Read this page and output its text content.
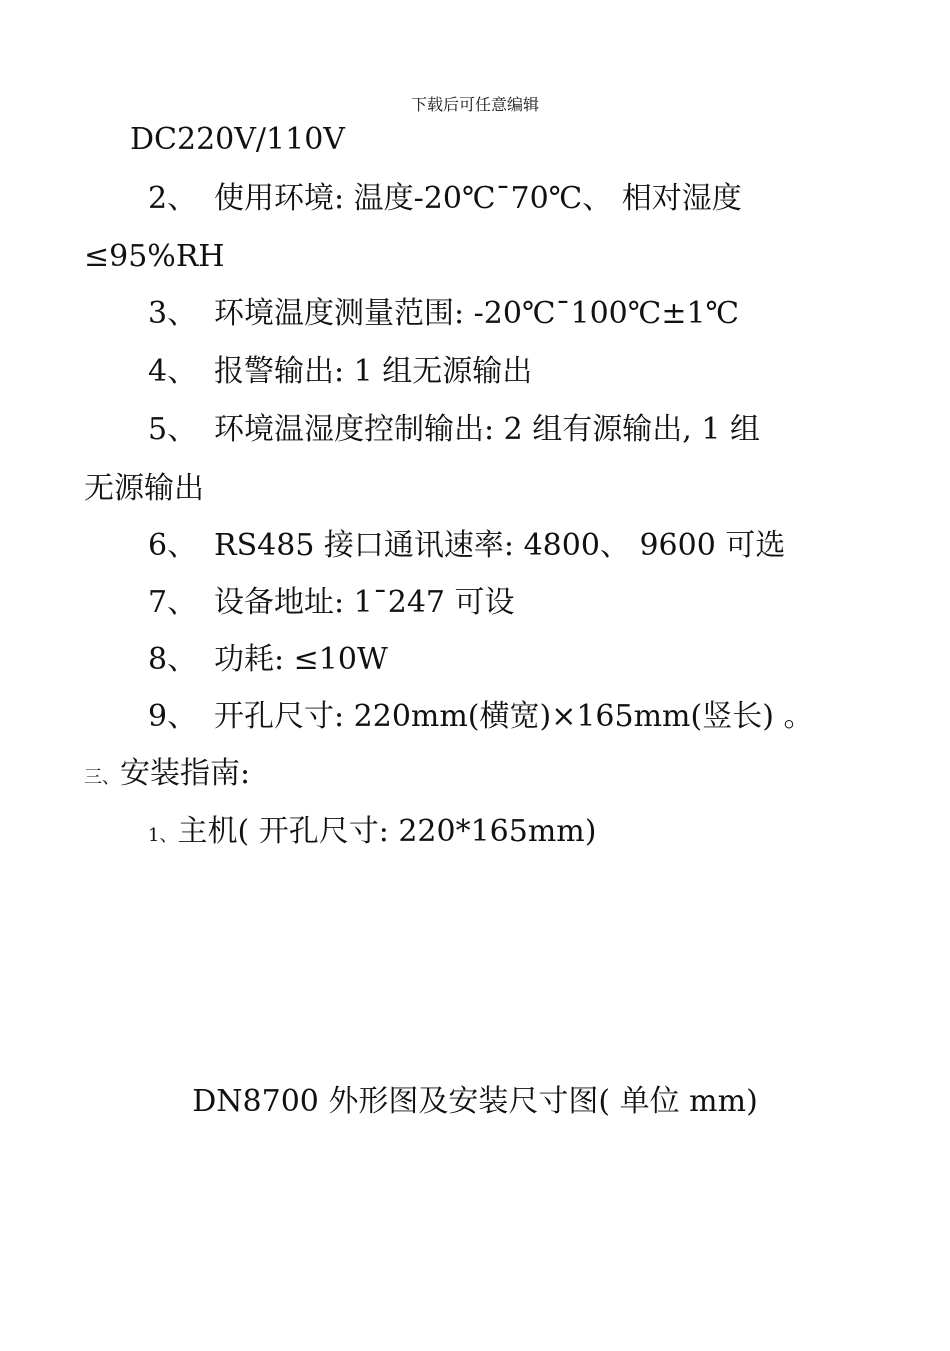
下载后可任意编辑
DC220V/110V
2、 使用环境: 温度-20℃¯70℃、 相对湿度
≤95%RH
3、 环境温度测量范围: -20℃¯100℃±1℃
4、 报警输出: 1 组无源输出
5、 环境温湿度控制输出: 2 组有源输出, 1 组
无源输出
6、 RS485 接口通讯速率: 4800、 9600 可选
7、 设备地址: 1¯247 可设
8、 功耗: ≤10W
9、 开孔尺寸: 220mm(横宽)×165mm(竖长) 。
三、安装指南:
1、主机( 开孔尺寸: 220*165mm)
DN8700 外形图及安装尺寸图( 单位 mm)
